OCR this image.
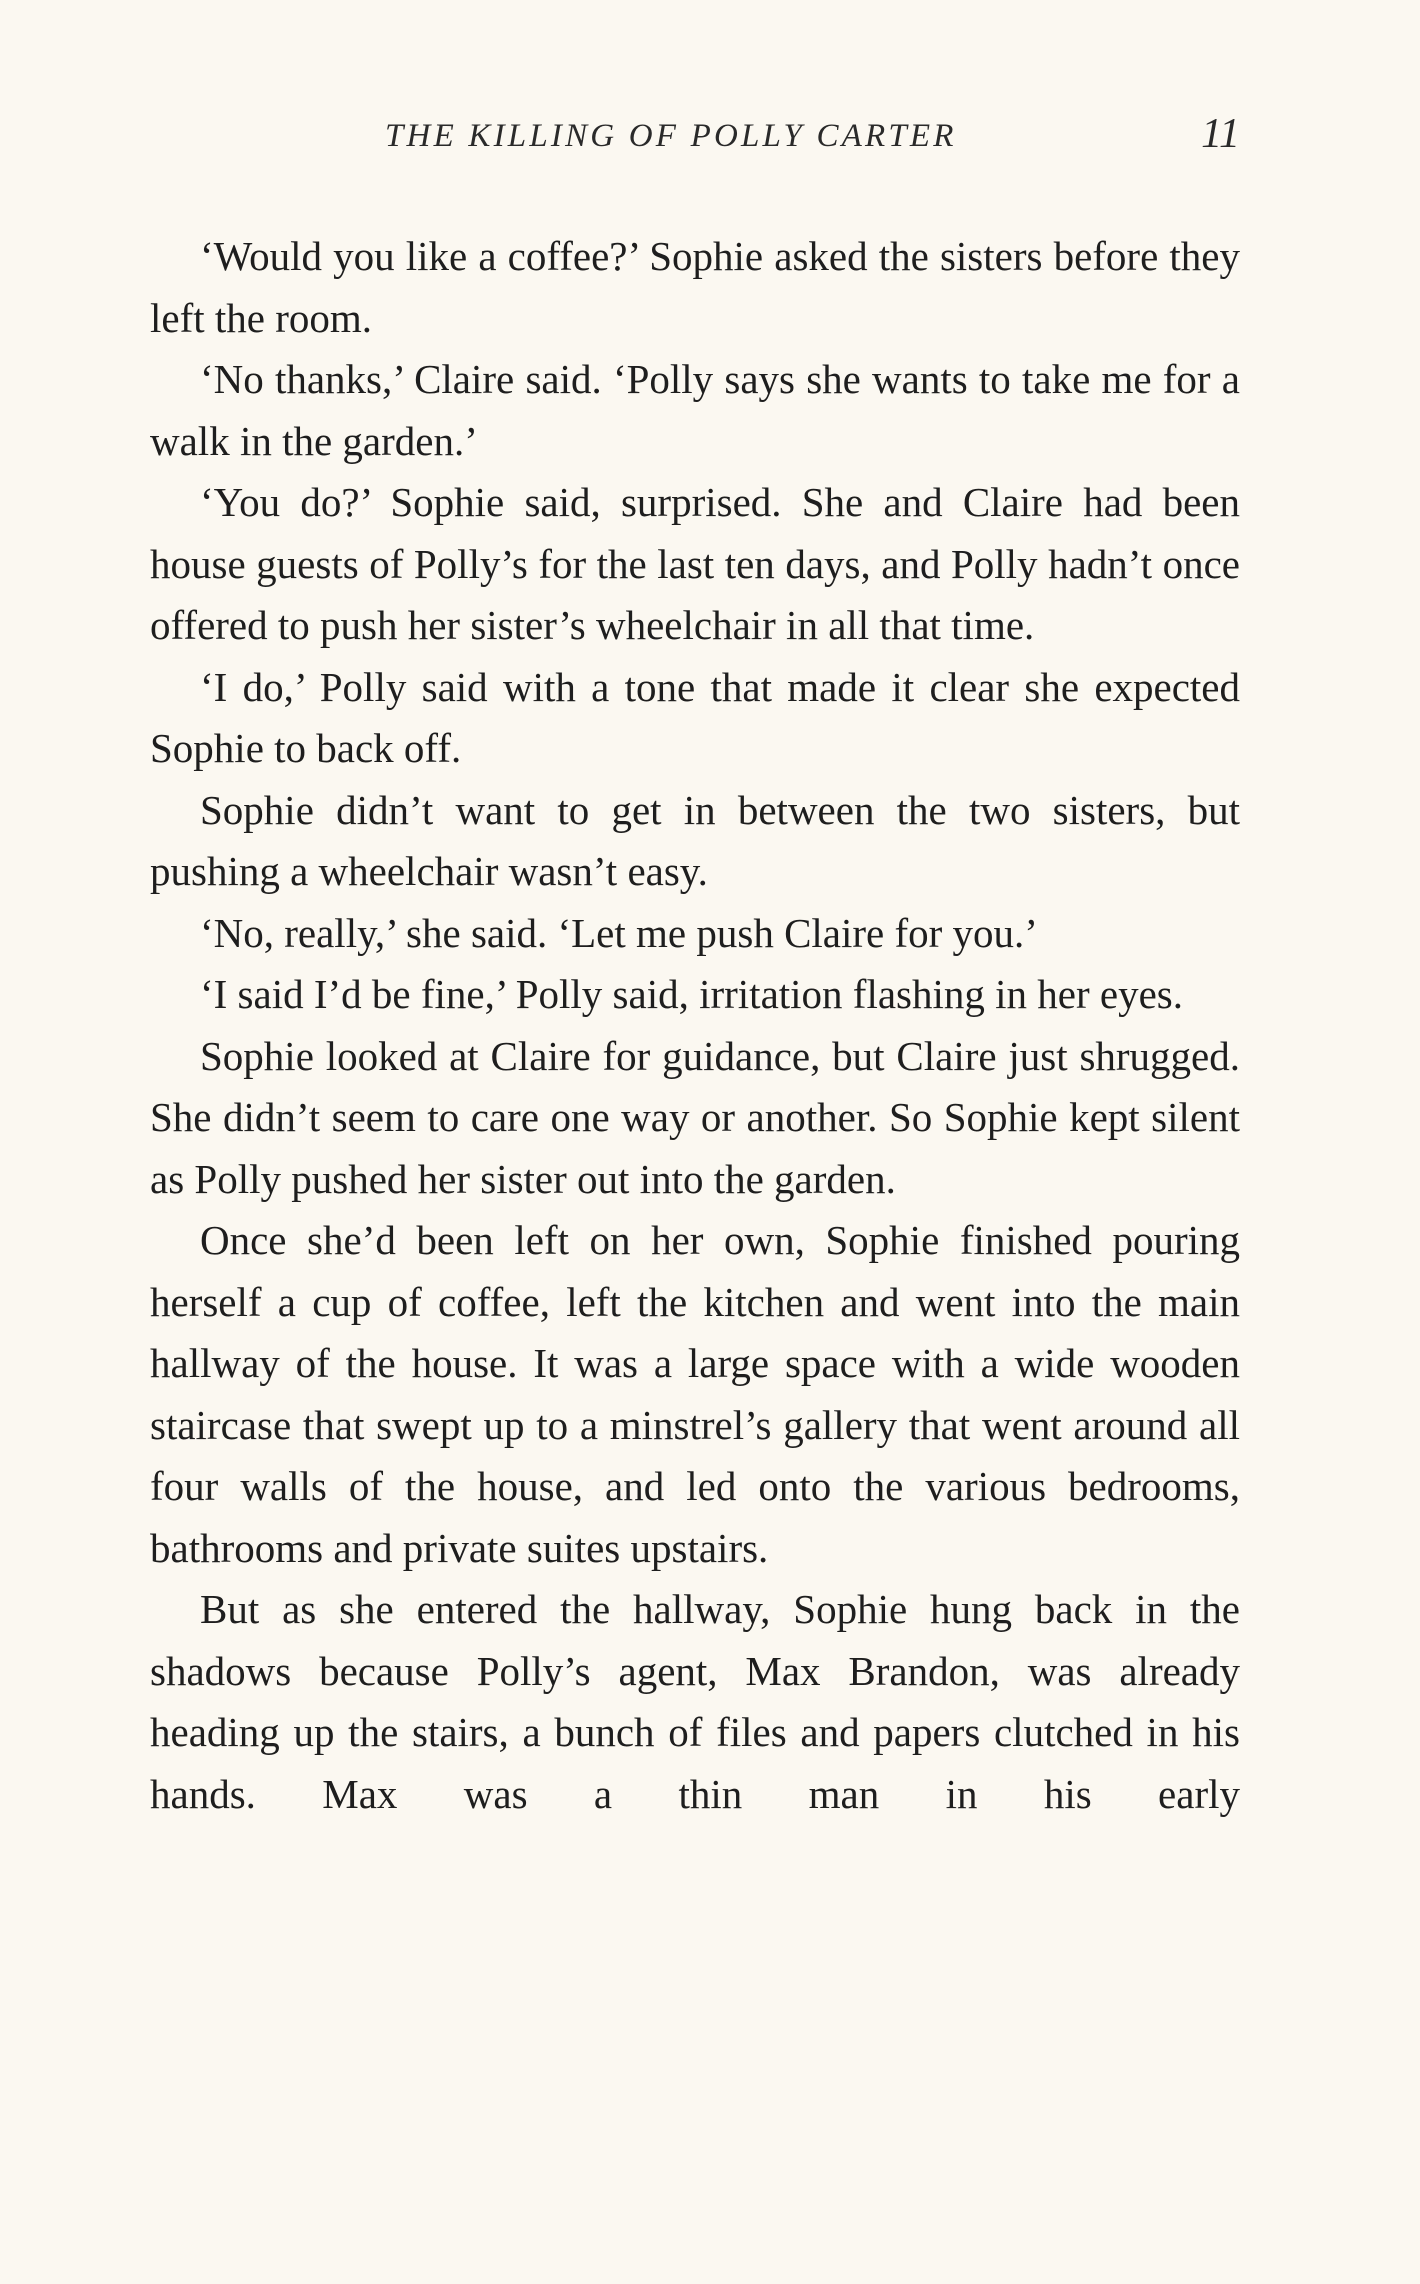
THE KILLING OF POLLY CARTER	11

‘Would you like a coffee?’ Sophie asked the sisters before they left the room.

‘No thanks,’ Claire said. ‘Polly says she wants to take me for a walk in the garden.’

‘You do?’ Sophie said, surprised. She and Claire had been house guests of Polly’s for the last ten days, and Polly hadn’t once offered to push her sister’s wheelchair in all that time.

‘I do,’ Polly said with a tone that made it clear she expected Sophie to back off.

Sophie didn’t want to get in between the two sisters, but pushing a wheelchair wasn’t easy.

‘No, really,’ she said. ‘Let me push Claire for you.’

‘I said I’d be fine,’ Polly said, irritation flashing in her eyes.

Sophie looked at Claire for guidance, but Claire just shrugged. She didn’t seem to care one way or another. So Sophie kept silent as Polly pushed her sister out into the garden.

Once she’d been left on her own, Sophie finished pouring herself a cup of coffee, left the kitchen and went into the main hallway of the house. It was a large space with a wide wooden staircase that swept up to a minstrel’s gallery that went around all four walls of the house, and led onto the various bedrooms, bathrooms and private suites upstairs.

But as she entered the hallway, Sophie hung back in the shadows because Polly’s agent, Max Brandon, was already heading up the stairs, a bunch of files and papers clutched in his hands. Max was a thin man in his early
